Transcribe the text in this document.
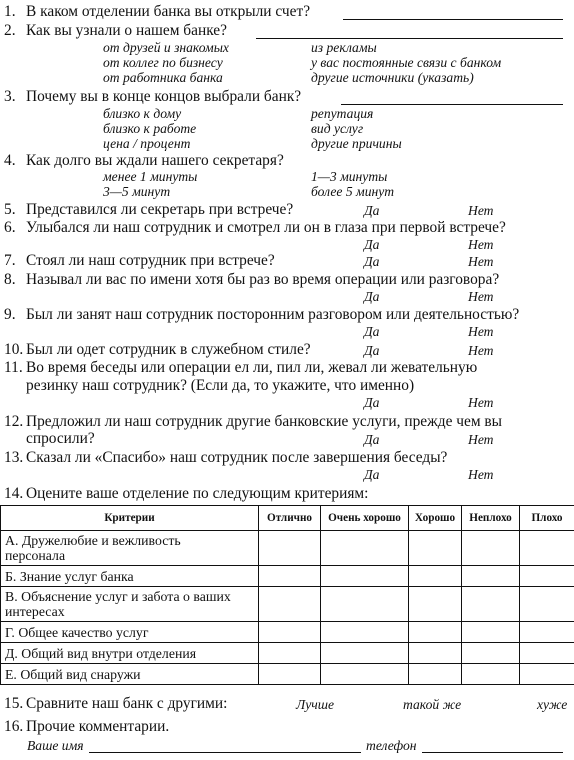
1. В каком отделении банка вы открыли счет?
2. Как вы узнали о нашем банке?
от друзей и знакомых
от коллег по бизнесу
от работника банка
из рекламы
у вас постоянные связи с банком
другие источники (указать)
3. Почему вы в конце концов выбрали банк?
близко к дому
близко к работе
цена / процент
репутация
вид услуг
другие причины
4. Как долго вы ждали нашего секретаря?
менее 1 минуты
3—5 минут
1—3 минуты
более 5 минут
5. Представился ли секретарь при встрече?	Да	Нет
6. Улыбался ли наш сотрудник и смотрел ли он в глаза при первой встрече?
Да	Нет
7. Стоял ли наш сотрудник при встрече?	Да	Нет
8. Называл ли вас по имени хотя бы раз во время операции или разговора?
Да	Нет
9. Был ли занят наш сотрудник посторонним разговором или деятельностью?
Да	Нет
10. Был ли одет сотрудник в служебном стиле?	Да	Нет
11. Во время беседы или операции ел ли, пил ли, жевал ли жевательную
резинку наш сотрудник? (Если да, то укажите, что именно)
Да	Нет
12. Предложил ли наш сотрудник другие банковские услуги, прежде чем вы
спросили?	Да	Нет
13. Сказал ли «Спасибо» наш сотрудник после завершения беседы?
Да	Нет
14. Оцените ваше отделение по следующим критериям:
Критерии	Отлично	Очень хорошо	Хорошо	Неплохо	Плохо
А. Дружелюбие и вежливость
персонала					
Б. Знание услуг банка					
В. Объяснение услуг и забота о ваших
интересах					
Г. Общее качество услуг					
Д. Общий вид внутри отделения					
Е. Общий вид снаружи					
15. Сравните наш банк с другими:	Лучше	такой же	хуже
16. Прочие комментарии.
Ваше имя	телефон
